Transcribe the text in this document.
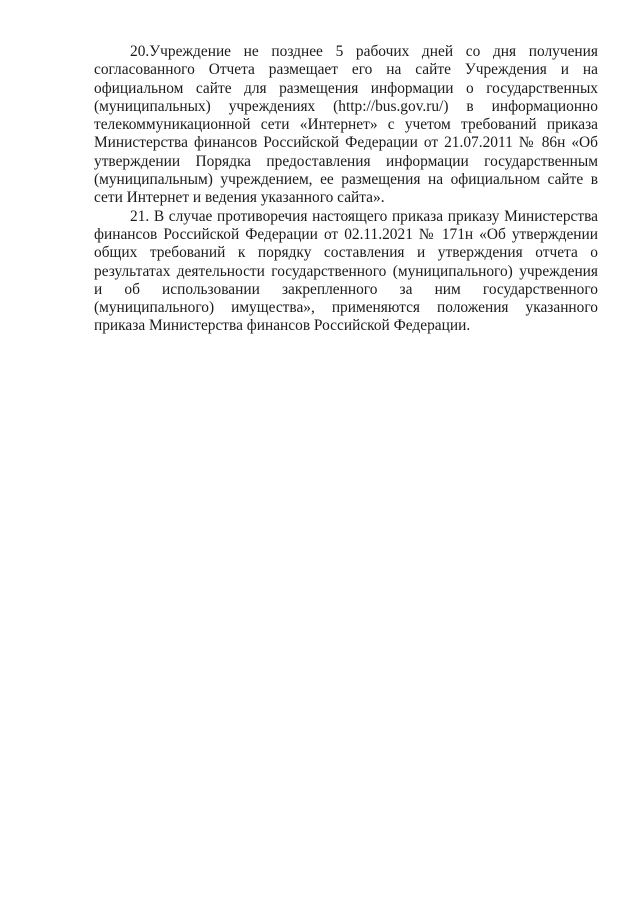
20.Учреждение не позднее 5 рабочих дней со дня получения согласованного Отчета размещает его на сайте Учреждения и на официальном сайте для размещения информации о государственных (муниципальных) учреждениях (http://bus.gov.ru/) в информационно телекоммуникационной сети «Интернет» с учетом требований приказа Министерства финансов Российской Федерации от 21.07.2011 № 86н «Об утверждении Порядка предоставления информации государственным (муниципальным) учреждением, ее размещения на официальном сайте в сети Интернет и ведения указанного сайта».

21. В случае противоречия настоящего приказа приказу Министерства финансов Российской Федерации от 02.11.2021 № 171н «Об утверждении общих требований к порядку составления и утверждения отчета о результатах деятельности государственного (муниципального) учреждения и об использовании закрепленного за ним государственного (муниципального) имущества», применяются положения указанного приказа Министерства финансов Российской Федерации.
